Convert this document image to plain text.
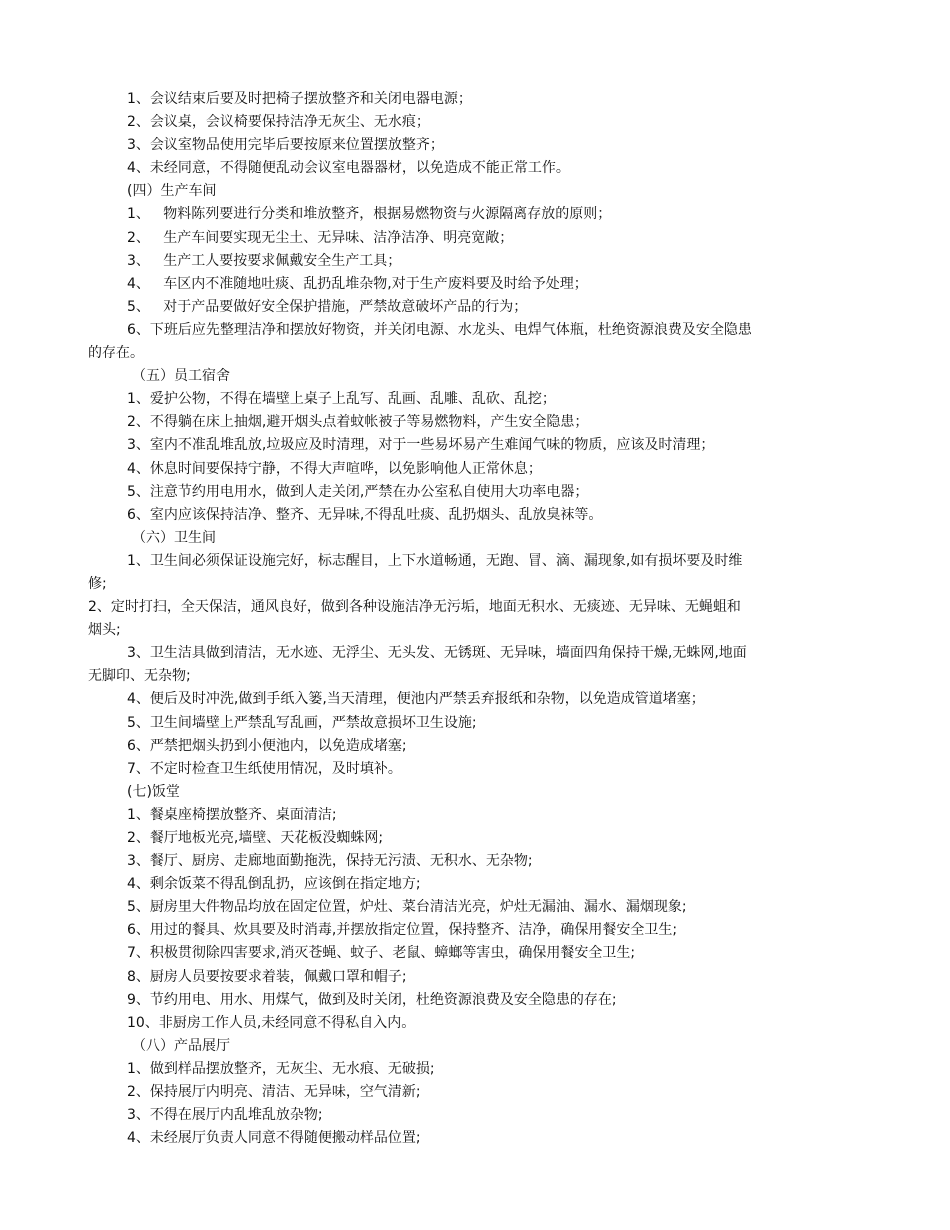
1、会议结束后要及时把椅子摆放整齐和关闭电器电源；

2、会议桌，会议椅要保持洁净无灰尘、无水痕；

3、会议室物品使用完毕后要按原来位置摆放整齐；

4、未经同意，不得随便乱动会议室电器器材，以免造成不能正常工作。

(四）生产车间

1、   物料陈列要进行分类和堆放整齐，根据易燃物资与火源隔离存放的原则；

2、   生产车间要实现无尘土、无异味、洁净洁净、明亮宽敞；

3、   生产工人要按要求佩戴安全生产工具；

4、   车区内不准随地吐痰、乱扔乱堆杂物,对于生产废料要及时给予处理；

5、   对于产品要做好安全保护措施，严禁故意破坏产品的行为；

6、下班后应先整理洁净和摆放好物资，并关闭电源、水龙头、电焊气体瓶，杜绝资源浪费及安全隐患

的存在。

（五）员工宿舍

1、爱护公物，不得在墙壁上桌子上乱写、乱画、乱雕、乱砍、乱挖；

2、不得躺在床上抽烟,避开烟头点着蚊帐被子等易燃物料，产生安全隐患；

3、室内不准乱堆乱放,垃圾应及时清理，对于一些易坏易产生难闻气味的物质，应该及时清理；

4、休息时间要保持宁静，不得大声喧哗，以免影响他人正常休息；

5、注意节约用电用水，做到人走关闭,严禁在办公室私自使用大功率电器；

6、室内应该保持洁净、整齐、无异味,不得乱吐痰、乱扔烟头、乱放臭袜等。

（六）卫生间

1、卫生间必须保证设施完好，标志醒目，上下水道畅通，无跑、冒、滴、漏现象,如有损坏要及时维

修;

2、定时打扫，全天保洁，通风良好，做到各种设施洁净无污垢，地面无积水、无痰迹、无异味、无蝇蛆和

烟头;

3、卫生洁具做到清洁，无水迹、无浮尘、无头发、无锈斑、无异味，墙面四角保持干燥,无蛛网,地面

无脚印、无杂物;

4、便后及时冲洗,做到手纸入篓,当天清理，便池内严禁丢弃报纸和杂物，以免造成管道堵塞；

5、卫生间墙壁上严禁乱写乱画，严禁故意损坏卫生设施;

6、严禁把烟头扔到小便池内，以免造成堵塞;

7、不定时检查卫生纸使用情况，及时填补。

(七)饭堂

1、餐桌座椅摆放整齐、桌面清洁;

2、餐厅地板光亮,墙壁、天花板没蜘蛛网;

3、餐厅、厨房、走廊地面勤拖洗，保持无污渍、无积水、无杂物;

4、剩余饭菜不得乱倒乱扔，应该倒在指定地方;

5、厨房里大件物品均放在固定位置，炉灶、菜台清洁光亮，炉灶无漏油、漏水、漏烟现象;

6、用过的餐具、炊具要及时消毒,并摆放指定位置，保持整齐、洁净，确保用餐安全卫生;

7、积极贯彻除四害要求,消灭苍蝇、蚊子、老鼠、蟑螂等害虫，确保用餐安全卫生;

8、厨房人员要按要求着装，佩戴口罩和帽子;

9、节约用电、用水、用煤气，做到及时关闭，杜绝资源浪费及安全隐患的存在;

10、非厨房工作人员,未经同意不得私自入内。

（八）产品展厅

1、做到样品摆放整齐，无灰尘、无水痕、无破损;

2、保持展厅内明亮、清洁、无异味，空气清新;

3、不得在展厅内乱堆乱放杂物;

4、未经展厅负责人同意不得随便搬动样品位置;
